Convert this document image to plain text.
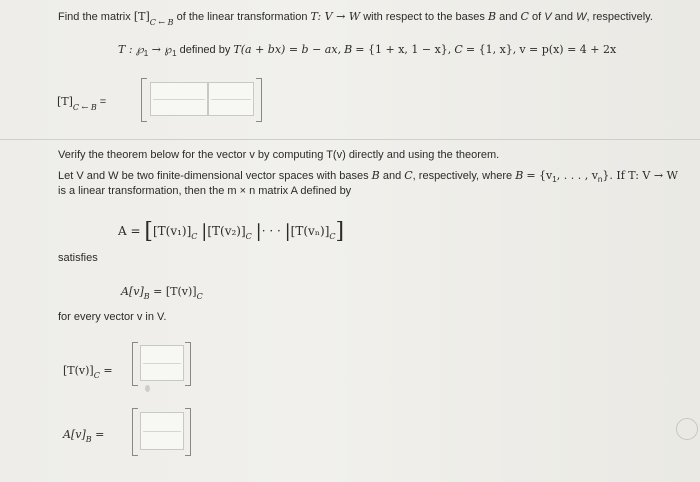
Find the matrix $[T]_{C \leftarrow B}$ of the linear transformation T: V → W with respect to the bases B and C of V and W, respectively.
T : $℘_1$ → $℘_1$ defined by T(a + bx) = b − ax, B = {1 + x, 1 − x}, C = {1, x}, v = p(x) = 4 + 2x
$[T]_{C \leftarrow B}$ =
Verify the theorem below for the vector v by computing T(v) directly and using the theorem.
Let V and W be two finite-dimensional vector spaces with bases B and C, respectively, where $B = \{v_1$, . . . , $v_n$}. If T: V → W
is a linear transformation, then the m × n matrix A defined by
$A = [[T(v_1)]_C$ $|[T(v_2)]_C$ |· · · $|[T(v_n)]_C$]
satisfies
$A[v]_B = [T(v)]_C$
for every vector v in V.
$[T(v)]_C$ =
$A[v]_B$ =
